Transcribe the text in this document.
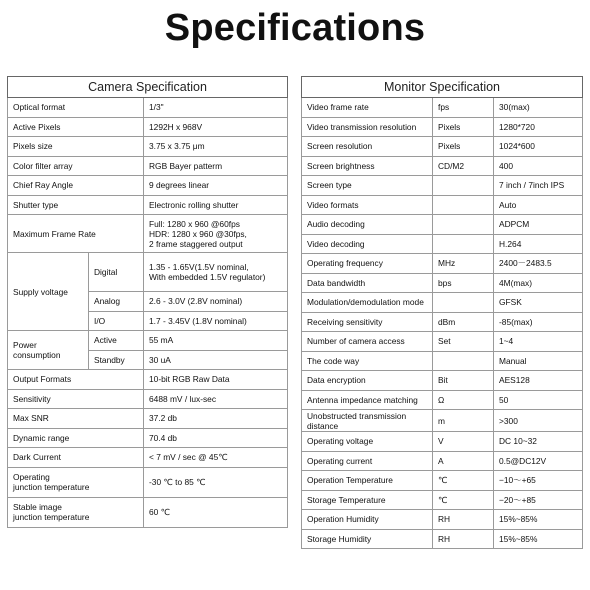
Specifications
Camera Specification		
Optical format		1/3"
Active Pixels		1292H x 968V
Pixels size		3.75 x 3.75 μm
Color filter array		RGB Bayer patterm
Chief Ray Angle		9 degrees linear
Shutter type		Electronic rolling shutter
Maximum Frame Rate		Full: 1280 x 960 @60fps
HDR: 1280 x 960 @30fps,
2 frame staggered output

Supply voltage	Digital	1.35 - 1.65V(1.5V nominal,
With embedded 1.5V regulator)

	Analog	2.6 - 3.0V (2.8V nominal)
	I/O	1.7 - 3.45V (1.8V nominal)

Power
consumption	Active	55 mA
	Standby	30 uA
Output Formats		10-bit RGB Raw Data
Sensitivity		6488 mV / lux-sec
Max SNR		37.2 db
Dynamic range		70.4 db
Dark Current		< 7 mV / sec @ 45℃

Operating
junction temperature		-30 ℃ to 85 ℃

Stable image
junction temperature		60 ℃
Monitor Specification		
Video frame rate	fps	30(max)
Video transmission resolution	Pixels	1280*720
Screen resolution	Pixels	1024*600
Screen brightness	CD/M2	400
Screen type		7 inch / 7inch IPS
Video formats		Auto
Audio decoding		ADPCM
Video decoding		H.264
Operating frequency	MHz	2400－2483.5
Data bandwidth	bps	4M(max)
Modulation/demodulation mode		GFSK
Receiving sensitivity	dBm	-85(max)
Number of camera access	Set	1~4
The code way		Manual
Data encryption	Bit	AES128
Antenna impedance matching	Ω	50

Unobstructed transmission
distance	m	>300
Operating voltage	V	DC 10~32
Operating current	A	0.5@DC12V
Operation Temperature	℃	−10～+65
Storage Temperature	℃	−20～+85
Operation Humidity	RH	15%~85%
Storage Humidity	RH	15%~85%
